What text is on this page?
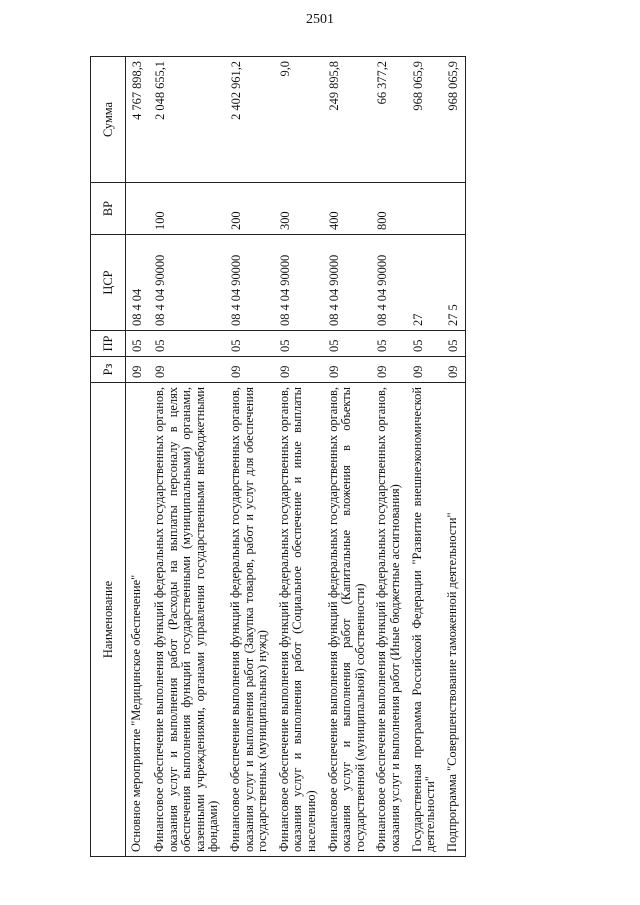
2501
Наименование	Рз	ПР	ЦСР	ВР	Сумма
Основное мероприятие "Медицинское обеспечение"	09	05	08 4 04		4 767 898,3
Финансовое обеспечение выполнения функций федеральных государственных органов, оказания услуг и выполнения работ (Расходы на выплаты персоналу в целях обеспечения выполнения функций государственными (муниципальными) органами, казенными учреждениями, органами управления государственными внебюджетными фондами)	09	05	08 4 04 90000	100	2 048 655,1
Финансовое обеспечение выполнения функций федеральных государственных органов, оказания услуг и выполнения работ (Закупка товаров, работ и услуг для обеспечения государственных (муниципальных) нужд)	09	05	08 4 04 90000	200	2 402 961,2
Финансовое обеспечение выполнения функций федеральных государственных органов, оказания услуг и выполнения работ (Социальное обеспечение и иные выплаты населению)	09	05	08 4 04 90000	300	9,0
Финансовое обеспечение выполнения функций федеральных государственных органов, оказания услуг и выполнения работ (Капитальные вложения в объекты государственной (муниципальной) собственности)	09	05	08 4 04 90000	400	249 895,8
Финансовое обеспечение выполнения функций федеральных государственных органов, оказания услуг и выполнения работ (Иные бюджетные ассигнования)	09	05	08 4 04 90000	800	66 377,2
Государственная программа Российской Федерации "Развитие внешнеэкономической деятельности"	09	05	27		968 065,9
Подпрограмма "Совершенствование таможенной деятельности"	09	05	27 5		968 065,9
